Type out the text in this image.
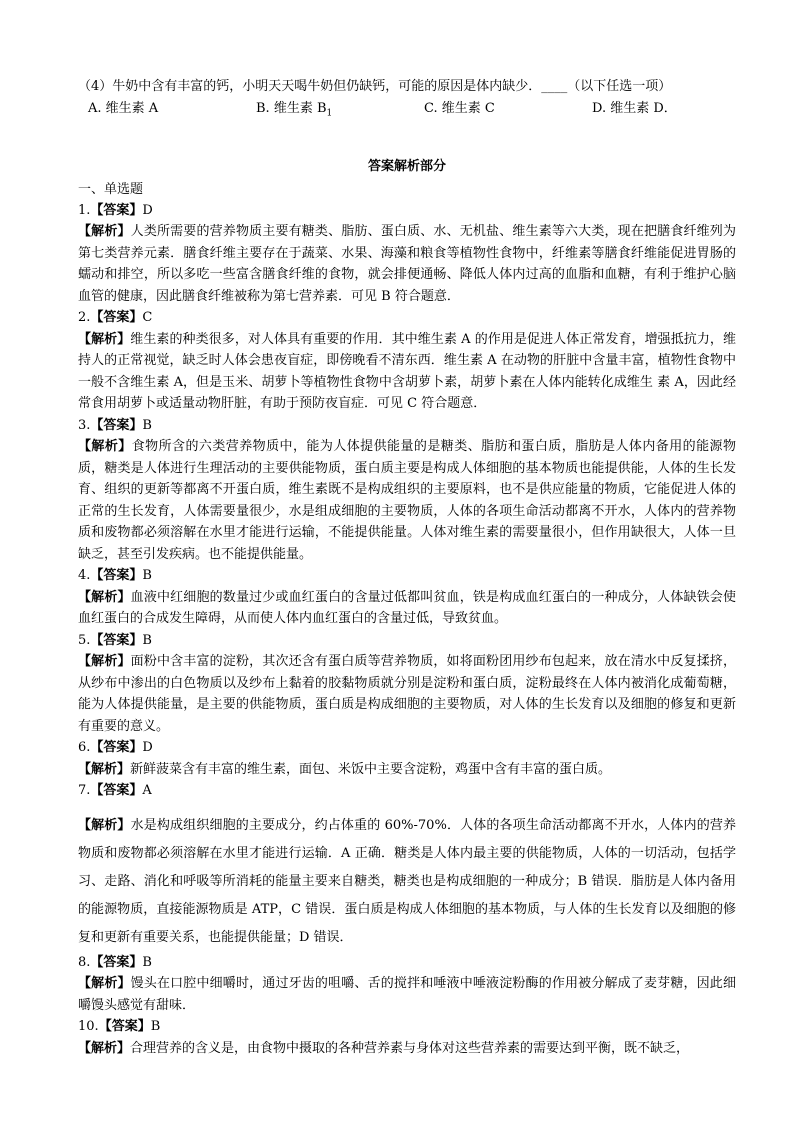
（4）牛奶中含有丰富的钙，小明天天喝牛奶但仍缺钙，可能的原因是体内缺少．____（以下任选一项）

A. 维生素 A	B. 维生素 $B_1$	C. 维生素 C	D. 维生素 D．
答案解析部分

一、单选题

1.【答案】D

【解析】人类所需要的营养物质主要有糖类、脂肪、蛋白质、水、无机盐、维生素等六大类，现在把膳食纤维列为第七类营养元素．膳食纤维主要存在于蔬菜、水果、海藻和粮食等植物性食物中，纤维素等膳食纤维能促进胃肠的蠕动和排空，所以多吃一些富含膳食纤维的食物，就会排便通畅、降低人体内过高的血脂和血糖，有利于维护心脑血管的健康，因此膳食纤维被称为第七营养素．可见 B 符合题意．

2.【答案】C

【解析】维生素的种类很多，对人体具有重要的作用．其中维生素 A 的作用是促进人体正常发育，增强抵抗力，维持人的正常视觉，缺乏时人体会患夜盲症，即傍晚看不清东西．维生素 A 在动物的肝脏中含量丰富，植物性食物中一般不含维生素 A，但是玉米、胡萝卜等植物性食物中含胡萝卜素，胡萝卜素在人体内能转化成维生 素 A，因此经常食用胡萝卜或适量动物肝脏，有助于预防夜盲症．可见 C 符合题意．

3.【答案】B

【解析】食物所含的六类营养物质中，能为人体提供能量的是糖类、脂肪和蛋白质，脂肪是人体内备用的能源物质，糖类是人体进行生理活动的主要供能物质，蛋白质主要是构成人体细胞的基本物质也能提供能，人体的生长发育、组织的更新等都离不开蛋白质，维生素既不是构成组织的主要原料，也不是供应能量的物质，它能促进人体的正常的生长发育，人体需要量很少，水是组成细胞的主要物质，人体的各项生命活动都离不开水，人体内的营养物质和废物都必须溶解在水里才能进行运输，不能提供能量。人体对维生素的需要量很小，但作用缺很大，人体一旦缺乏，甚至引发疾病。也不能提供能量。

4.【答案】B

【解析】血液中红细胞的数量过少或血红蛋白的含量过低都叫贫血，铁是构成血红蛋白的一种成分，人体缺铁会使血红蛋白的合成发生障碍，从而使人体内血红蛋白的含量过低，导致贫血。

5.【答案】B

【解析】面粉中含丰富的淀粉，其次还含有蛋白质等营养物质，如将面粉团用纱布包起来，放在清水中反复揉挤，从纱布中渗出的白色物质以及纱布上黏着的胶黏物质就分别是淀粉和蛋白质，淀粉最终在人体内被消化成葡萄糖，能为人体提供能量，是主要的供能物质，蛋白质是构成细胞的主要物质，对人体的生长发育以及细胞的修复和更新有重要的意义。

6.【答案】D

【解析】新鲜菠菜含有丰富的维生素，面包、米饭中主要含淀粉，鸡蛋中含有丰富的蛋白质。

7.【答案】A

【解析】水是构成组织细胞的主要成分，约占体重的 60%-70%．人体的各项生命活动都离不开水，人体内的营养物质和废物都必须溶解在水里才能进行运输．A 正确．糖类是人体内最主要的供能物质，人体的一切活动，包括学习、走路、消化和呼吸等所消耗的能量主要来自糖类，糖类也是构成细胞的一种成分；B 错误．脂肪是人体内备用的能源物质，直接能源物质是 ATP，C 错误．蛋白质是构成人体细胞的基本物质，与人体的生长发育以及细胞的修复和更新有重要关系，也能提供能量；D 错误．

8.【答案】B

【解析】馒头在口腔中细嚼时，通过牙齿的咀嚼、舌的搅拌和唾液中唾液淀粉酶的作用被分解成了麦芽糖，因此细嚼馒头感觉有甜味．

10.【答案】B

【解析】合理营养的含义是，由食物中摄取的各种营养素与身体对这些营养素的需要达到平衡，既不缺乏，
